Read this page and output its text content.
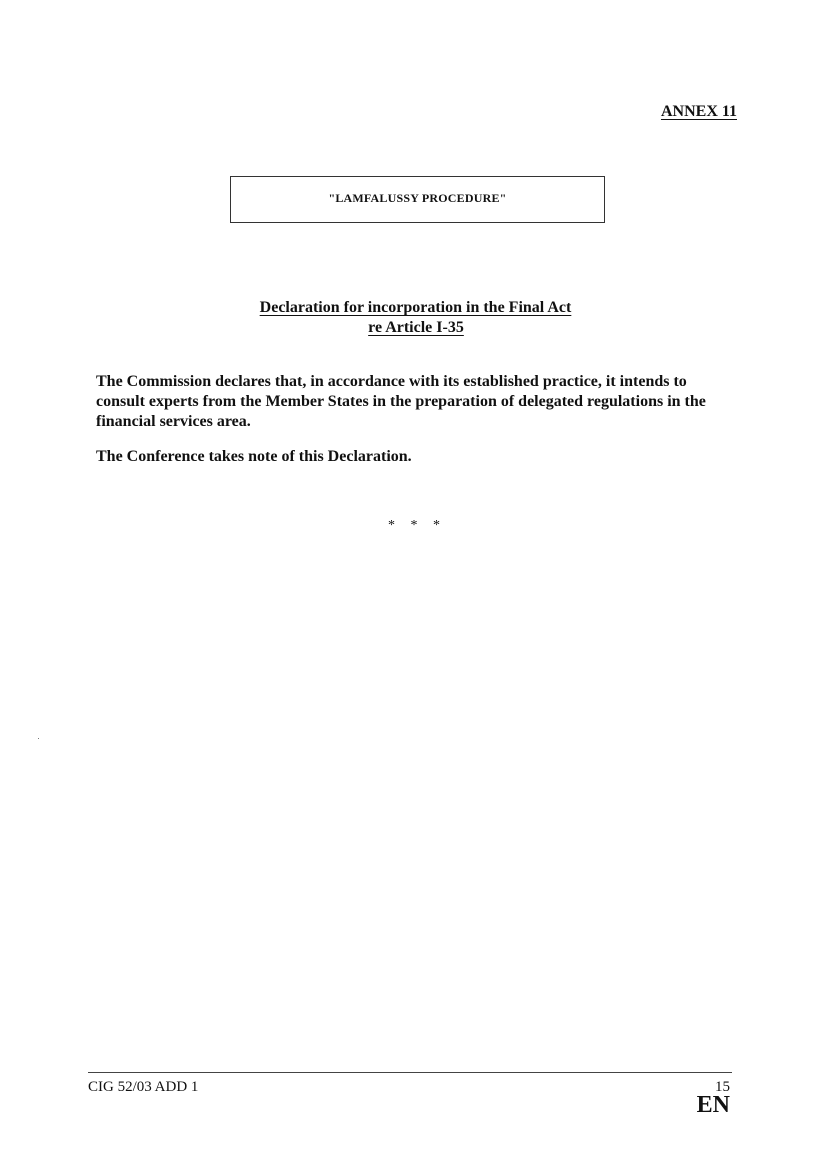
ANNEX 11
"LAMFALUSSY PROCEDURE"
Declaration for incorporation in the Final Act
re Article I-35

The Commission declares that, in accordance with its established practice, it intends to consult experts from the Member States in the preparation of delegated regulations in the financial services area.

The Conference takes note of this Declaration.

* * *
CIG 52/03 ADD 1	15
EN
